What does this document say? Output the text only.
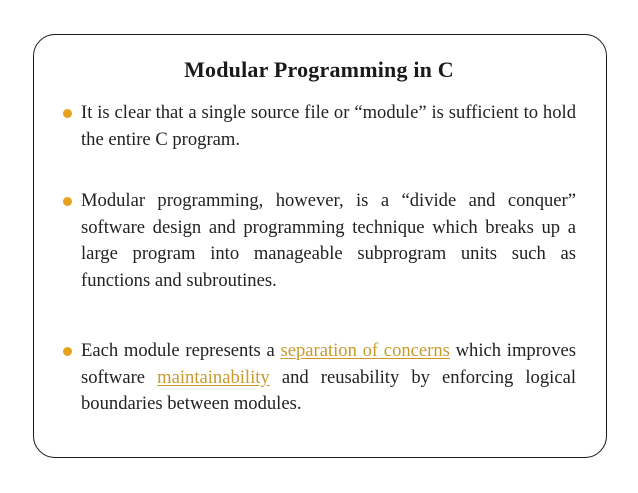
Modular Programming in C
It is clear that a single source file or “module” is sufficient to hold the entire C program.
Modular programming, however, is a “divide and conquer” software design and programming technique which breaks up a large program into manageable subprogram units such as functions and subroutines.
Each module represents a separation of concerns which improves software maintainability and reusability by enforcing logical boundaries between modules.
